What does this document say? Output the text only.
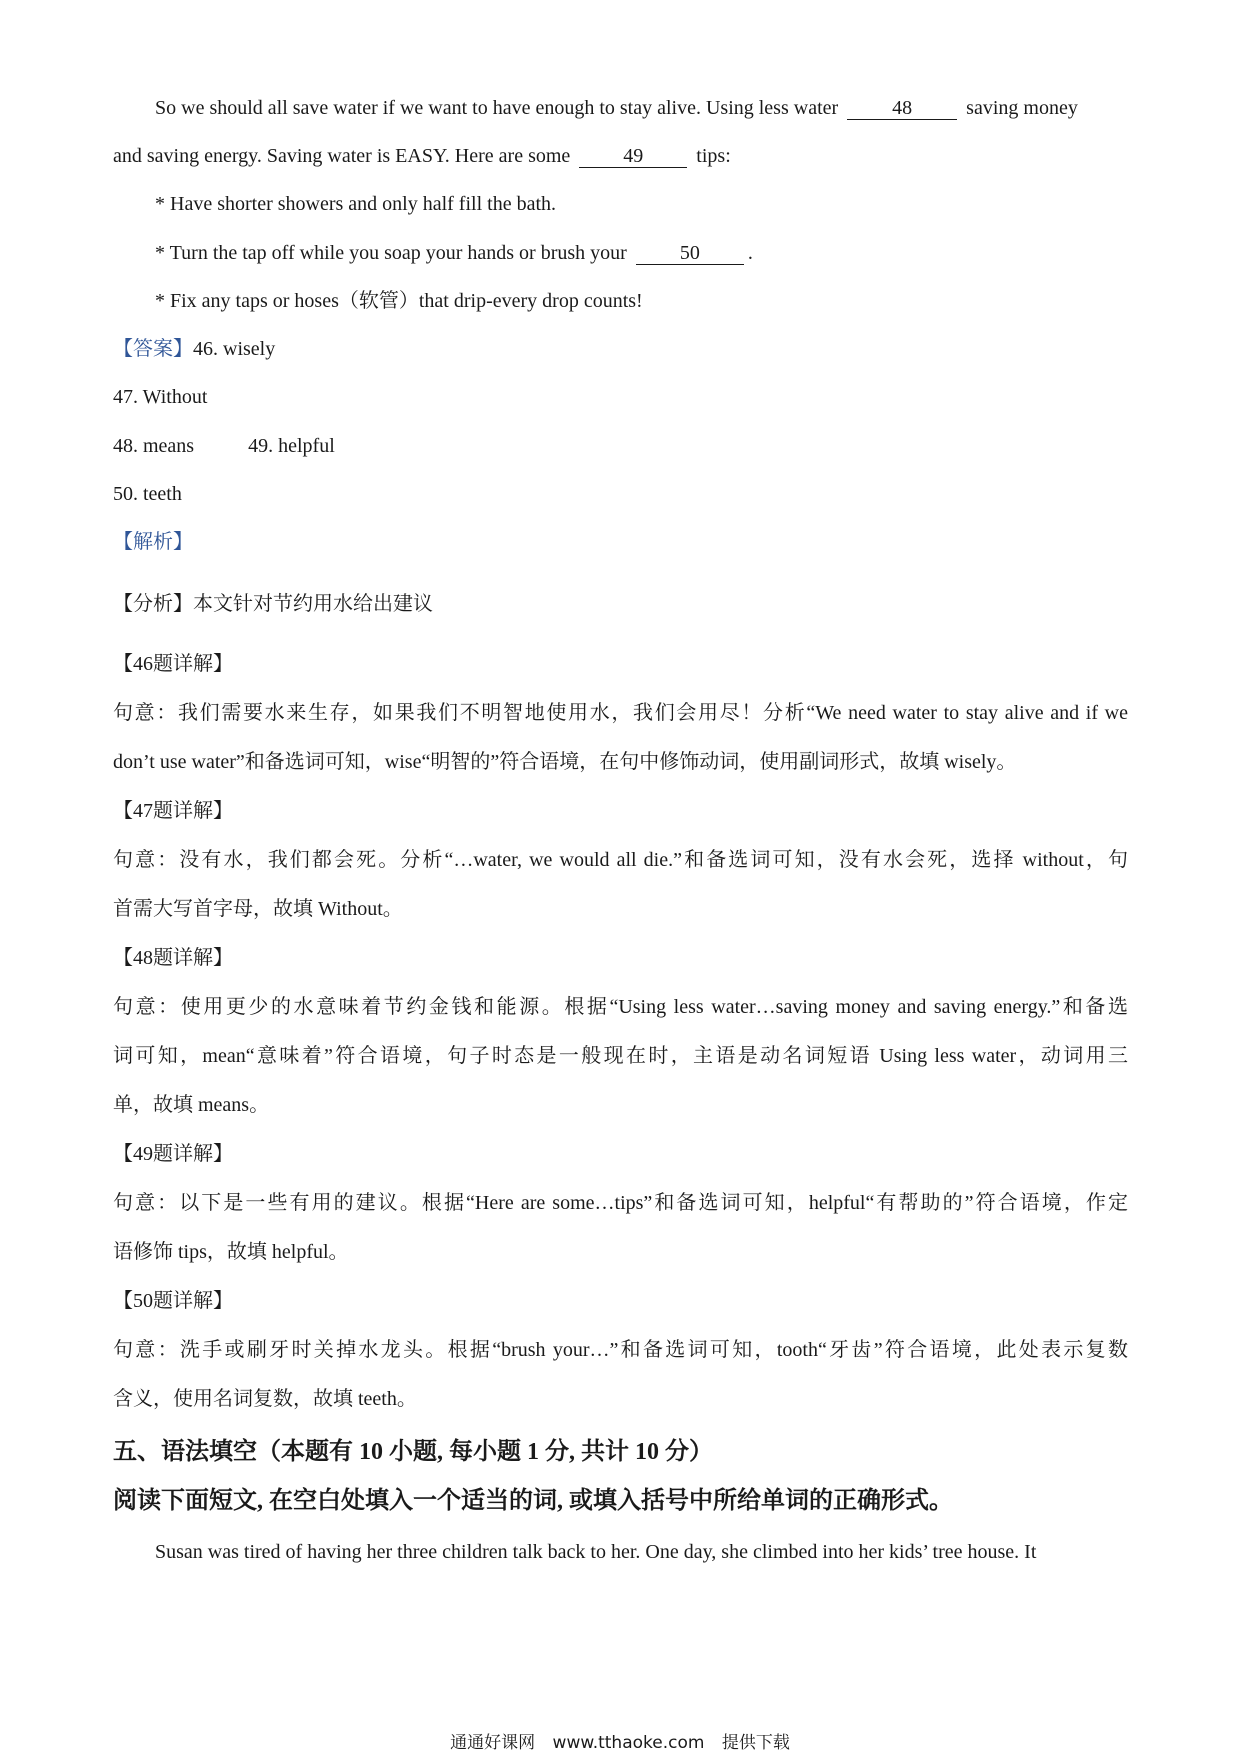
So we should all save water if we want to have enough to stay alive. Using less water	48	saving money
and saving energy. Saving water is EASY. Here are some	49	tips:
* Have shorter showers and only half fill the bath.
* Turn the tap off while you soap your hands or brush your	50 .
* Fix any taps or hoses（软管）that drip-every drop counts!
【答案】46. wisely
47. Without
48. means	49. helpful
50. teeth
【解析】
【分析】本文针对节约用水给出建议
【46题详解】
句意：我们需要水来生存，如果我们不明智地使用水，我们会用尽！分析“We need water to stay alive and if we
don’t use water”和备选词可知，wise“明智的”符合语境，在句中修饰动词，使用副词形式，故填 wisely。
【47题详解】
句意：没有水，我们都会死。分析“…water, we would all die.”和备选词可知，没有水会死，选择 without，句
首需大写首字母，故填 Without。
【48题详解】
句意：使用更少的水意味着节约金钱和能源。根据“Using less water…saving money and saving energy.”和备选
词可知，mean“意味着”符合语境，句子时态是一般现在时，主语是动名词短语 Using less water，动词用三
单，故填 means。
【49题详解】
句意：以下是一些有用的建议。根据“Here are some…tips”和备选词可知，helpful“有帮助的”符合语境，作定
语修饰 tips，故填 helpful。
【50题详解】
句意：洗手或刷牙时关掉水龙头。根据“brush your…”和备选词可知，tooth“牙齿”符合语境，此处表示复数
含义，使用名词复数，故填 teeth。
五、语法填空（本题有 10 小题, 每小题 1 分, 共计 10 分）
阅读下面短文, 在空白处填入一个适当的词, 或填入括号中所给单词的正确形式。
Susan was tired of having her three children talk back to her. One day, she climbed into her kids’ tree house. It
通通好课网 www.tthaoke.com 提供下载
